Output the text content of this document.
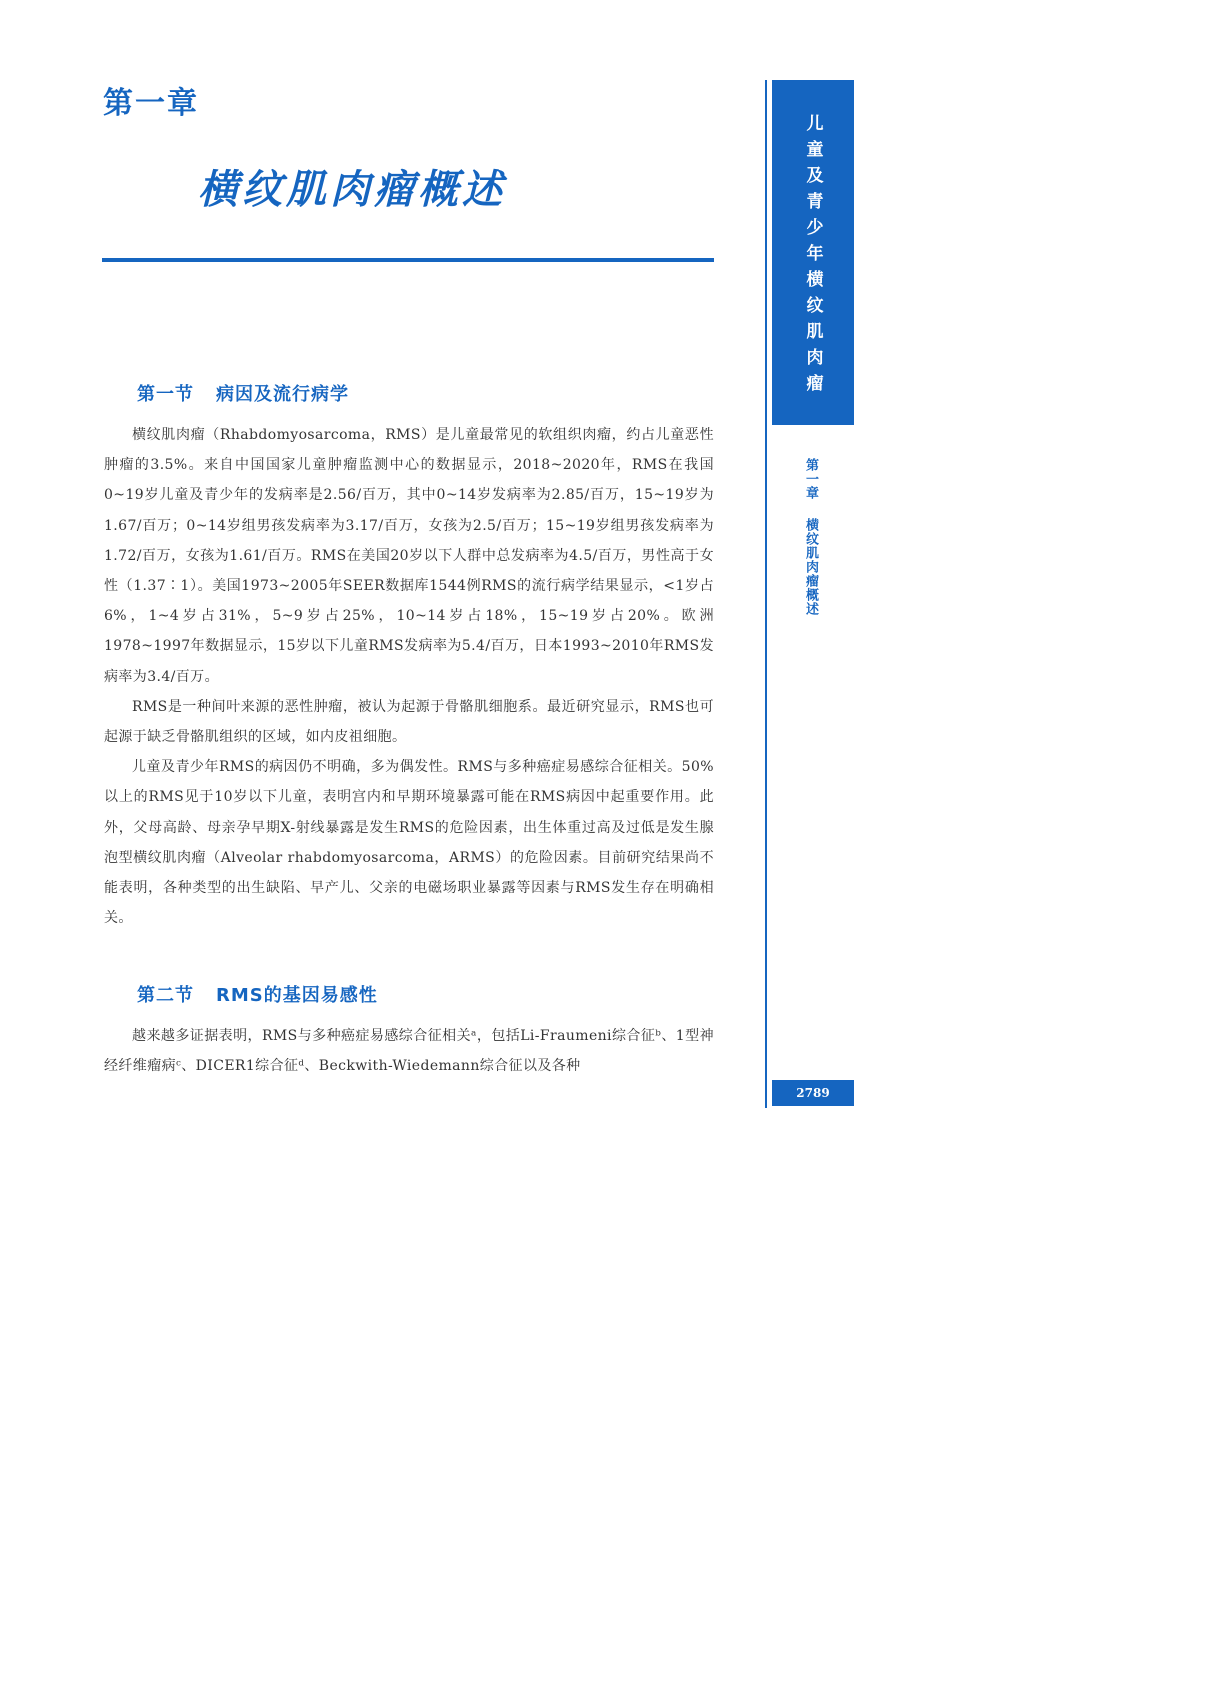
第一章
横纹肌肉瘤概述	儿童及青少年横纹肌肉瘤
第一章横纹肌肉瘤概述
2789
第一节 病因及流行病学

横纹肌肉瘤（Rhabdomyosarcoma，RMS）是儿童最常见的软组织肉瘤，约占儿童恶性肿瘤的3.5%。来自中国国家儿童肿瘤监测中心的数据显示，2018~2020年，RMS在我国0~19岁儿童及青少年的发病率是2.56/百万，其中0~14岁发病率为2.85/百万，15~19岁为1.67/百万；0~14岁组男孩发病率为3.17/百万，女孩为2.5/百万；15~19岁组男孩发病率为1.72/百万，女孩为1.61/百万。RMS在美国20岁以下人群中总发病率为4.5/百万，男性高于女性（1.37∶1）。美国1973~2005年SEER数据库1544例RMS的流行病学结果显示，<1岁占6%，1~4岁占31%，5~9岁占25%，10~14岁占18%，15~19岁占20%。欧洲1978~1997年数据显示，15岁以下儿童RMS发病率为5.4/百万，日本1993~2010年RMS发病率为3.4/百万。

RMS是一种间叶来源的恶性肿瘤，被认为起源于骨骼肌细胞系。最近研究显示，RMS也可起源于缺乏骨骼肌组织的区域，如内皮祖细胞。

儿童及青少年RMS的病因仍不明确，多为偶发性。RMS与多种癌症易感综合征相关。50%以上的RMS见于10岁以下儿童，表明宫内和早期环境暴露可能在RMS病因中起重要作用。此外，父母高龄、母亲孕早期X-射线暴露是发生RMS的危险因素，出生体重过高及过低是发生腺泡型横纹肌肉瘤（Alveolar rhabdomyosarcoma，ARMS）的危险因素。目前研究结果尚不能表明，各种类型的出生缺陷、早产儿、父亲的电磁场职业暴露等因素与RMS发生存在明确相关。

第二节 RMS的基因易感性

越来越多证据表明，RMS与多种癌症易感综合征相关ᵃ，包括Li-Fraumeni综合征ᵇ、1型神经纤维瘤病ᶜ、DICER1综合征ᵈ、Beckwith-Wiedemann综合征以及各种
